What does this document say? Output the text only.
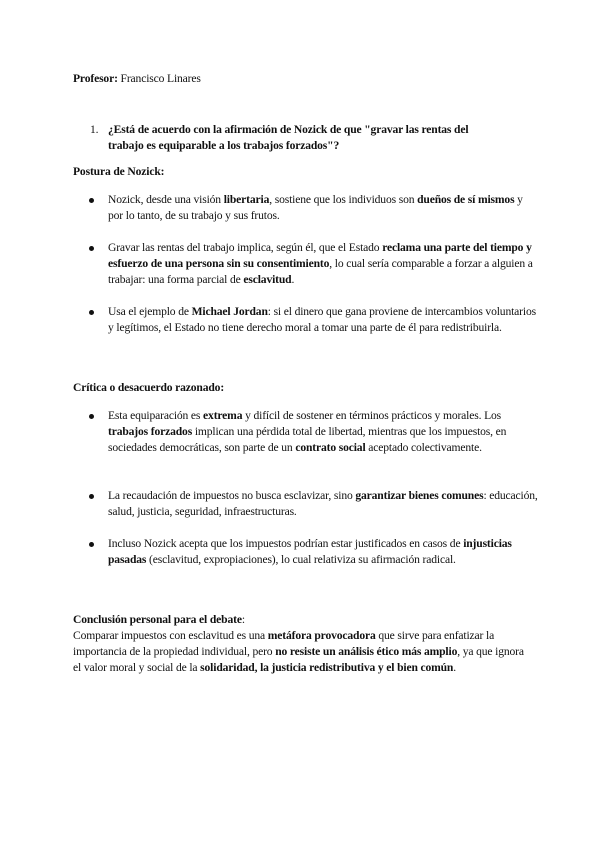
Profesor: Francisco Linares
1. ¿Está de acuerdo con la afirmación de Nozick de que "gravar las rentas del trabajo es equiparable a los trabajos forzados"?
Postura de Nozick:
Nozick, desde una visión libertaria, sostiene que los individuos son dueños de sí mismos y por lo tanto, de su trabajo y sus frutos.
Gravar las rentas del trabajo implica, según él, que el Estado reclama una parte del tiempo y esfuerzo de una persona sin su consentimiento, lo cual sería comparable a forzar a alguien a trabajar: una forma parcial de esclavitud.
Usa el ejemplo de Michael Jordan: si el dinero que gana proviene de intercambios voluntarios y legítimos, el Estado no tiene derecho moral a tomar una parte de él para redistribuirla.
Crítica o desacuerdo razonado:
Esta equiparación es extrema y difícil de sostener en términos prácticos y morales. Los trabajos forzados implican una pérdida total de libertad, mientras que los impuestos, en sociedades democráticas, son parte de un contrato social aceptado colectivamente.
La recaudación de impuestos no busca esclavizar, sino garantizar bienes comunes: educación, salud, justicia, seguridad, infraestructuras.
Incluso Nozick acepta que los impuestos podrían estar justificados en casos de injusticias pasadas (esclavitud, expropiaciones), lo cual relativiza su afirmación radical.
Conclusión personal para el debate:
Comparar impuestos con esclavitud es una metáfora provocadora que sirve para enfatizar la importancia de la propiedad individual, pero no resiste un análisis ético más amplio, ya que ignora el valor moral y social de la solidaridad, la justicia redistributiva y el bien común.
